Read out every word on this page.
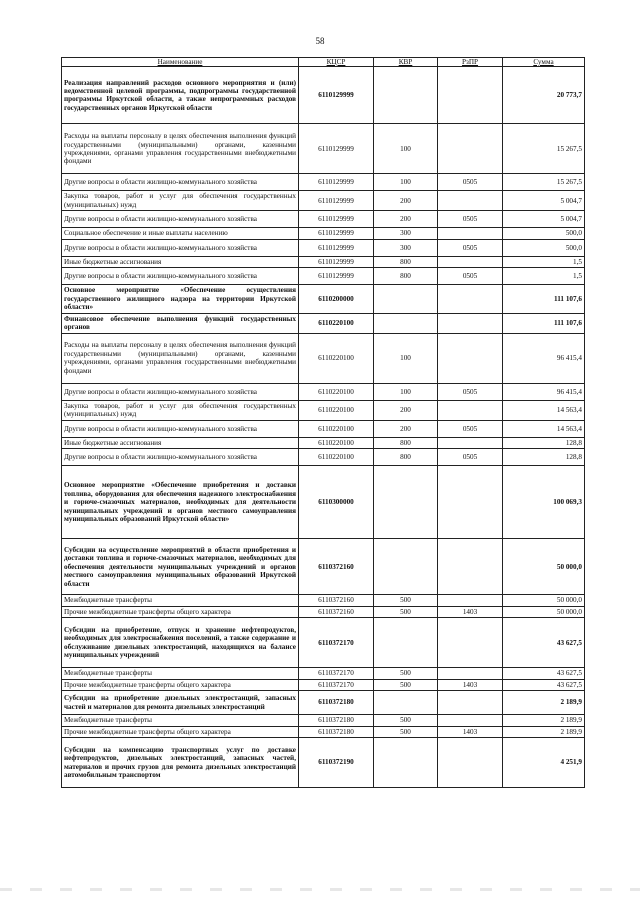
58
Наименование	КЦСР	КВР	РзПР	Сумма
Реализация направлений расходов основного мероприятия и (или) ведомственной целевой программы, подпрограммы государственной программы Иркутской области, а также непрограммных расходов государственных органов Иркутской области	6110129999			20 773,7
Расходы на выплаты персоналу в целях обеспечения выполнения функций государственными (муниципальными) органами, казенными учреждениями, органами управления государственными внебюджетными фондами	6110129999	100		15 267,5
Другие вопросы в области жилищно-коммунального хозяйства	6110129999	100	0505	15 267,5
Закупка товаров, работ и услуг для обеспечения государственных (муниципальных) нужд	6110129999	200		5 004,7
Другие вопросы в области жилищно-коммунального хозяйства	6110129999	200	0505	5 004,7
Социальное обеспечение и иные выплаты населению	6110129999	300		500,0
Другие вопросы в области жилищно-коммунального хозяйства	6110129999	300	0505	500,0
Иные бюджетные ассигнования	6110129999	800		1,5
Другие вопросы в области жилищно-коммунального хозяйства	6110129999	800	0505	1,5
Основное мероприятие «Обеспечение осуществления государственного жилищного надзора на территории Иркутской области»	6110200000			111 107,6
Финансовое обеспечение выполнения функций государственных органов	6110220100			111 107,6
Расходы на выплаты персоналу в целях обеспечения выполнения функций государственными (муниципальными) органами, казенными учреждениями, органами управления государственными внебюджетными фондами	6110220100	100		96 415,4
Другие вопросы в области жилищно-коммунального хозяйства	6110220100	100	0505	96 415,4
Закупка товаров, работ и услуг для обеспечения государственных (муниципальных) нужд	6110220100	200		14 563,4
Другие вопросы в области жилищно-коммунального хозяйства	6110220100	200	0505	14 563,4
Иные бюджетные ассигнования	6110220100	800		128,8
Другие вопросы в области жилищно-коммунального хозяйства	6110220100	800	0505	128,8
Основное мероприятие «Обеспечение приобретения и доставки топлива, оборудования для обеспечения надежного электроснабжения и горюче-смазочных материалов, необходимых для деятельности муниципальных учреждений и органов местного самоуправления муниципальных образований Иркутской области»	6110300000			100 069,3
Субсидии на осуществление мероприятий в области приобретения и доставки топлива и горюче-смазочных материалов, необходимых для обеспечения деятельности муниципальных учреждений и органов местного самоуправления муниципальных образований Иркутской области	6110372160			50 000,0
Межбюджетные трансферты	6110372160	500		50 000,0
Прочие межбюджетные трансферты общего характера	6110372160	500	1403	50 000,0
Субсидии на приобретение, отпуск и хранение нефтепродуктов, необходимых для электроснабжения поселений, а также содержание и обслуживание дизельных электростанций, находящихся на балансе муниципальных учреждений	6110372170			43 627,5
Межбюджетные трансферты	6110372170	500		43 627,5
Прочие межбюджетные трансферты общего характера	6110372170	500	1403	43 627,5
Субсидии на приобретение дизельных электростанций, запасных частей и материалов для ремонта дизельных электростанций	6110372180			2 189,9
Межбюджетные трансферты	6110372180	500		2 189,9
Прочие межбюджетные трансферты общего характера	6110372180	500	1403	2 189,9
Субсидии на компенсацию транспортных услуг по доставке нефтепродуктов, дизельных электростанций, запасных частей, материалов и прочих грузов для ремонта дизельных электростанций автомобильным транспортом	6110372190			4 251,9
